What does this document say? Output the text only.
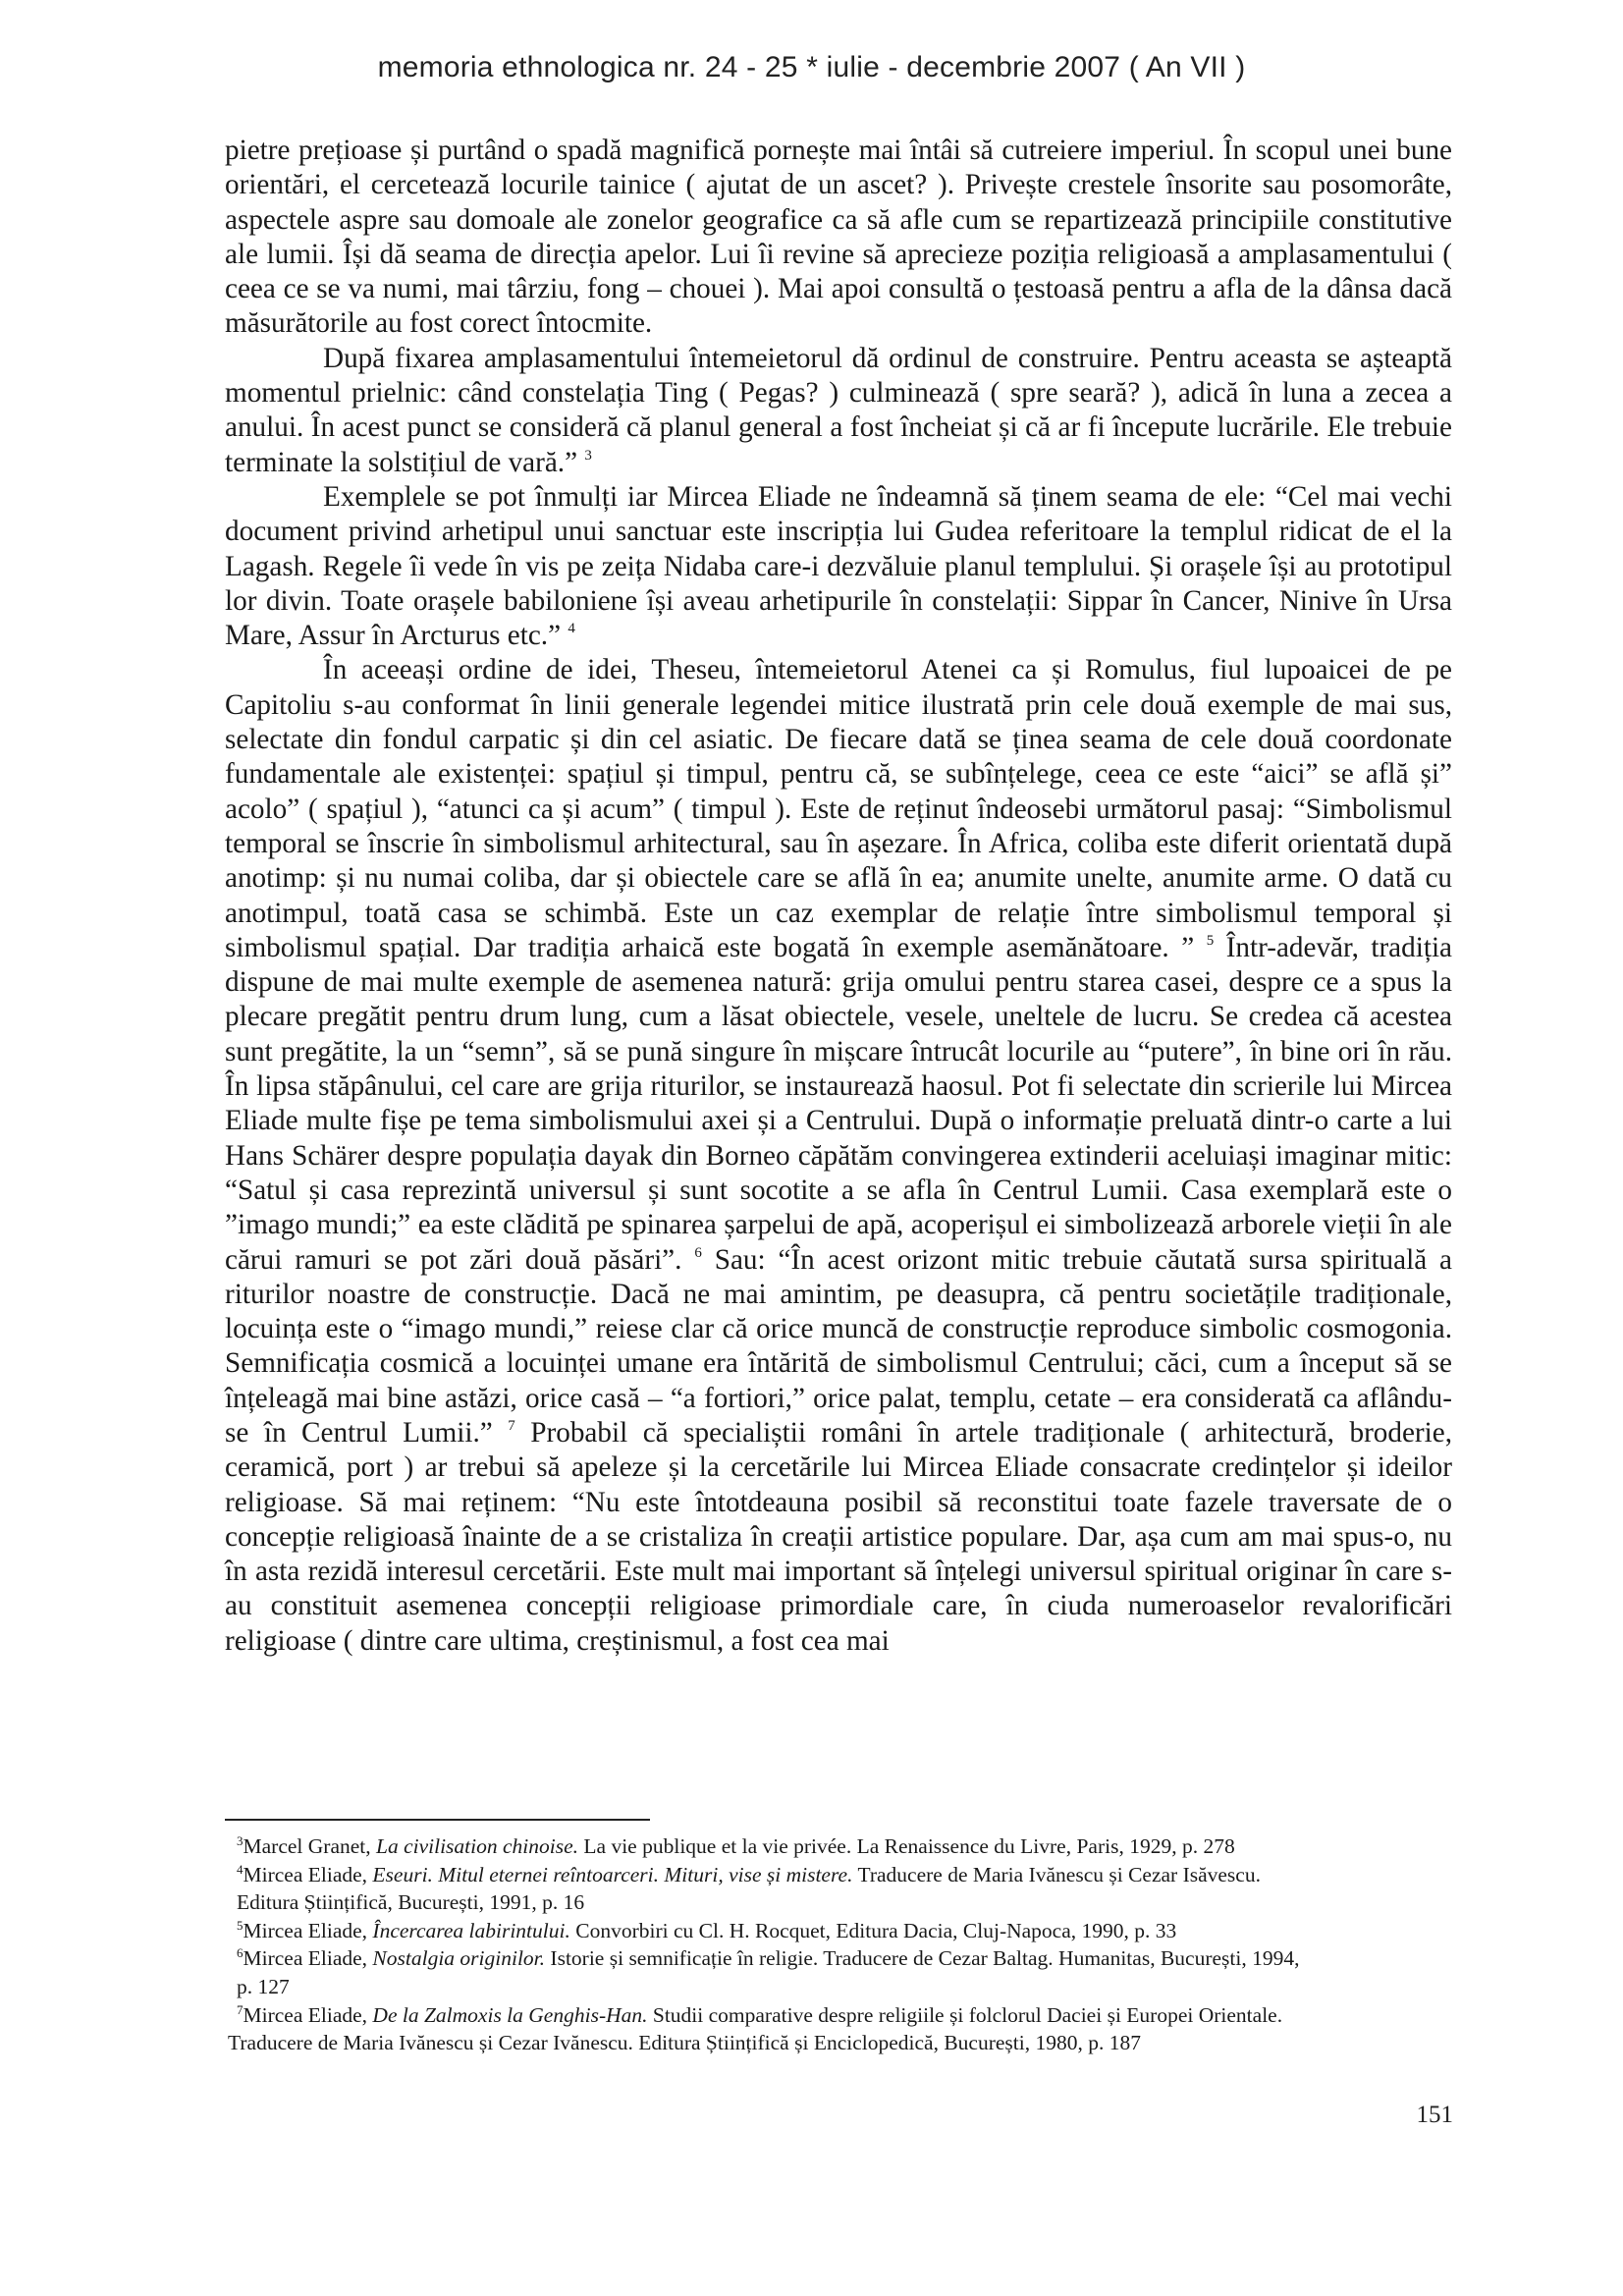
memoria ethnologica nr. 24 - 25 * iulie - decembrie 2007 ( An VII )

pietre prețioase și purtând o spadă magnifică pornește mai întâi să cutreiere imperiul. În scopul unei bune orientări, el cercetează locurile tainice ( ajutat de un ascet? ). Privește crestele însorite sau posomorâte, aspectele aspre sau domoale ale zonelor geografice ca să afle cum se repartizează principiile constitutive ale lumii. Își dă seama de direcția apelor. Lui îi revine să aprecieze poziția religioasă a amplasamentului ( ceea ce se va numi, mai târziu, fong – chouei ). Mai apoi consultă o țestoasă pentru a afla de la dânsa dacă măsurătorile au fost corect întocmite.

După fixarea amplasamentului întemeietorul dă ordinul de construire. Pentru aceasta se așteaptă momentul prielnic: când constelația Ting ( Pegas? ) culminează ( spre seară? ), adică în luna a zecea a anului. În acest punct se consideră că planul general a fost încheiat și că ar fi începute lucrările. Ele trebuie terminate la solstițiul de vară.” $^3$

Exemplele se pot înmulți iar Mircea Eliade ne îndeamnă să ținem seama de ele: “Cel mai vechi document privind arhetipul unui sanctuar este inscripția lui Gudea referitoare la templul ridicat de el la Lagash. Regele îi vede în vis pe zeița Nidaba care-i dezvăluie planul templului. Și orașele își au prototipul lor divin. Toate orașele babiloniene își aveau arhetipurile în constelații: Sippar în Cancer, Ninive în Ursa Mare, Assur în Arcturus etc.” $^4$

În aceeași ordine de idei, Theseu, întemeietorul Atenei ca și Romulus, fiul lupoaicei de pe Capitoliu s-au conformat în linii generale legendei mitice ilustrată prin cele două exemple de mai sus, selectate din fondul carpatic și din cel asiatic. De fiecare dată se ținea seama de cele două coordonate fundamentale ale existenței: spațiul și timpul, pentru că, se subînțelege, ceea ce este “aici” se află și” acolo” ( spațiul ), “atunci ca și acum” ( timpul ). Este de reținut îndeosebi următorul pasaj: “Simbolismul temporal se înscrie în simbolismul arhitectural, sau în așezare. În Africa, coliba este diferit orientată după anotimp: și nu numai coliba, dar și obiectele care se află în ea; anumite unelte, anumite arme. O dată cu anotimpul, toată casa se schimbă. Este un caz exemplar de relație între simbolismul temporal și simbolismul spațial. Dar tradiția arhaică este bogată în exemple asemănătoare. ” $^5$ Într-adevăr, tradiția dispune de mai multe exemple de asemenea natură: grija omului pentru starea casei, despre ce a spus la plecare pregătit pentru drum lung, cum a lăsat obiectele, vesele, uneltele de lucru. Se credea că acestea sunt pregătite, la un “semn”, să se pună singure în mișcare întrucât locurile au “putere”, în bine ori în rău. În lipsa stăpânului, cel care are grija riturilor, se instaurează haosul. Pot fi selectate din scrierile lui Mircea Eliade multe fișe pe tema simbolismului axei și a Centrului. După o informație preluată dintr-o carte a lui Hans Schärer despre populația dayak din Borneo căpătăm convingerea extinderii aceluiași imaginar mitic: “Satul și casa reprezintă universul și sunt socotite a se afla în Centrul Lumii. Casa exemplară este o ”imago mundi;” ea este clădită pe spinarea șarpelui de apă, acoperișul ei simbolizează arborele vieții în ale cărui ramuri se pot zări două păsări”. $^6$ Sau: “În acest orizont mitic trebuie căutată sursa spirituală a riturilor noastre de construcție. Dacă ne mai amintim, pe deasupra, că pentru societățile tradiționale, locuința este o “imago mundi,” reiese clar că orice muncă de construcție reproduce simbolic cosmogonia. Semnificația cosmică a locuinței umane era întărită de simbolismul Centrului; căci, cum a început să se înțeleagă mai bine astăzi, orice casă – “a fortiori,” orice palat, templu, cetate – era considerată ca aflându-se în Centrul Lumii.” $^7$ Probabil că specialiștii români în artele tradiționale ( arhitectură, broderie, ceramică, port ) ar trebui să apeleze și la cercetările lui Mircea Eliade consacrate credințelor și ideilor religioase. Să mai reținem: “Nu este întotdeauna posibil să reconstitui toate fazele traversate de o concepție religioasă înainte de a se cristaliza în creații artistice populare. Dar, așa cum am mai spus-o, nu în asta rezidă interesul cercetării. Este mult mai important să înțelegi universul spiritual originar în care s-au constituit asemenea concepții religioase primordiale care, în ciuda numeroaselor revalorificări religioase ( dintre care ultima, creștinismul, a fost cea mai

$^3$Marcel Granet, La civilisation chinoise. La vie publique et la vie privée. La Renaissence du Livre, Paris, 1929, p. 278

$^4$Mircea Eliade, Eseuri. Mitul eternei reîntoarceri. Mituri, vise și mistere. Traducere de Maria Ivănescu și Cezar Isăvescu.
Editura Științifică, București, 1991, p. 16

$^5$Mircea Eliade, Încercarea labirintului. Convorbiri cu Cl. H. Rocquet, Editura Dacia, Cluj-Napoca, 1990, p. 33

$^6$Mircea Eliade, Nostalgia originilor. Istorie și semnificație în religie. Traducere de Cezar Baltag. Humanitas, București, 1994,
p. 127

$^7$Mircea Eliade, De la Zalmoxis la Genghis-Han. Studii comparative despre religiile și folclorul Daciei și Europei Orientale.
Traducere de Maria Ivănescu și Cezar Ivănescu. Editura Științifică și Enciclopedică, București, 1980, p. 187

151
